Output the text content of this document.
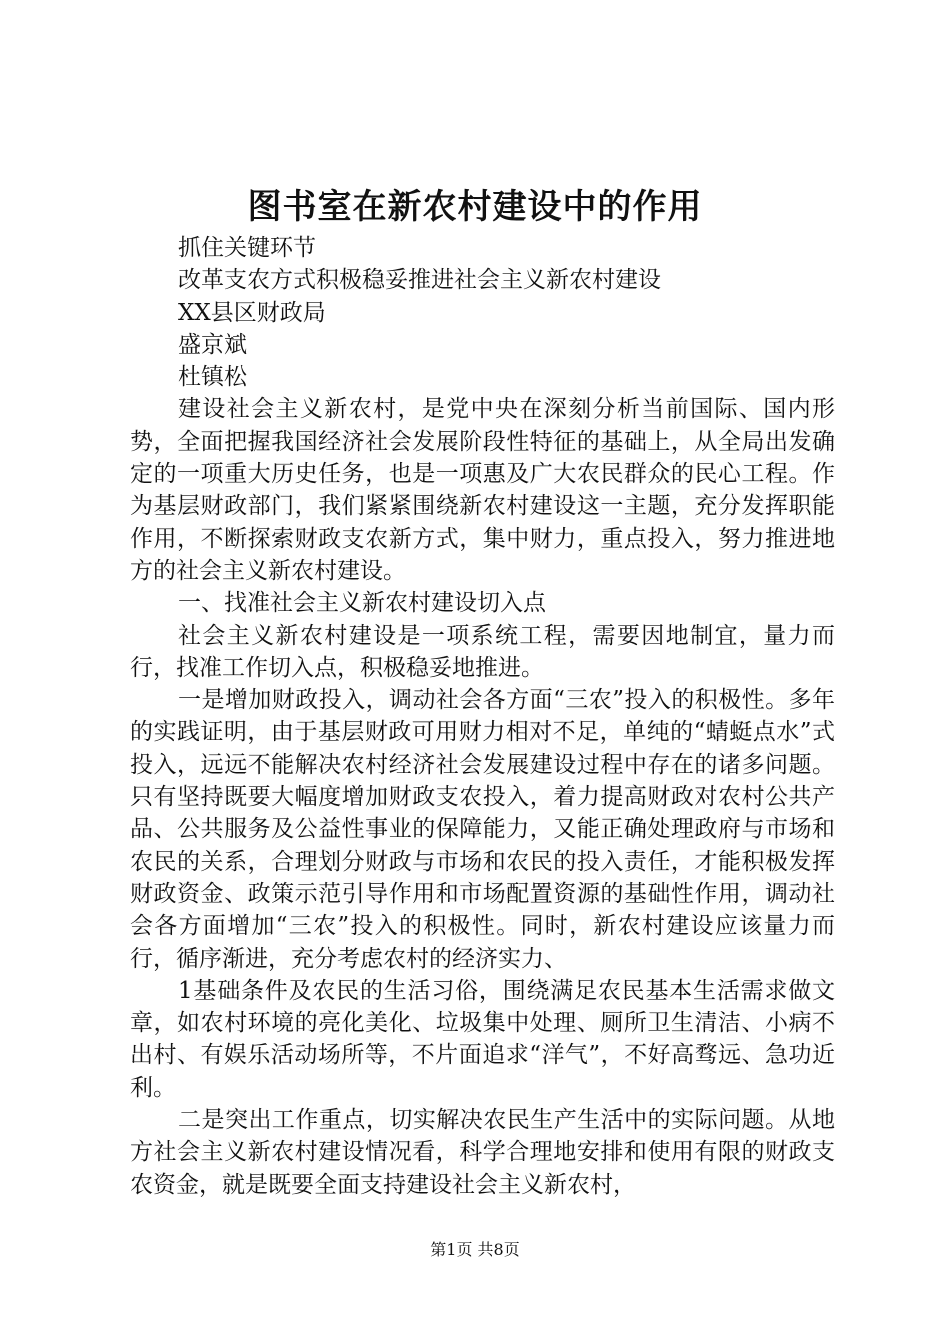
图书室在新农村建设中的作用
抓住关键环节
改革支农方式积极稳妥推进社会主义新农村建设
XX县区财政局
盛京斌
杜镇松
建设社会主义新农村，是党中央在深刻分析当前国际、国内形势，全面把握我国经济社会发展阶段性特征的基础上，从全局出发确定的一项重大历史任务，也是一项惠及广大农民群众的民心工程。作为基层财政部门，我们紧紧围绕新农村建设这一主题，充分发挥职能作用，不断探索财政支农新方式，集中财力，重点投入，努力推进地方的社会主义新农村建设。
一、找准社会主义新农村建设切入点
社会主义新农村建设是一项系统工程，需要因地制宜，量力而行，找准工作切入点，积极稳妥地推进。
一是增加财政投入，调动社会各方面“三农”投入的积极性。多年的实践证明，由于基层财政可用财力相对不足，单纯的“蜻蜓点水”式投入，远远不能解决农村经济社会发展建设过程中存在的诸多问题。只有坚持既要大幅度增加财政支农投入，着力提高财政对农村公共产品、公共服务及公益性事业的保障能力，又能正确处理政府与市场和农民的关系，合理划分财政与市场和农民的投入责任，才能积极发挥财政资金、政策示范引导作用和市场配置资源的基础性作用，调动社会各方面增加“三农”投入的积极性。同时，新农村建设应该量力而行，循序渐进，充分考虑农村的经济实力、
1基础条件及农民的生活习俗，围绕满足农民基本生活需求做文章，如农村环境的亮化美化、垃圾集中处理、厕所卫生清洁、小病不出村、有娱乐活动场所等，不片面追求“洋气”，不好高骛远、急功近利。
二是突出工作重点，切实解决农民生产生活中的实际问题。从地方社会主义新农村建设情况看，科学合理地安排和使用有限的财政支农资金，就是既要全面支持建设社会主义新农村，
第1页 共8页
